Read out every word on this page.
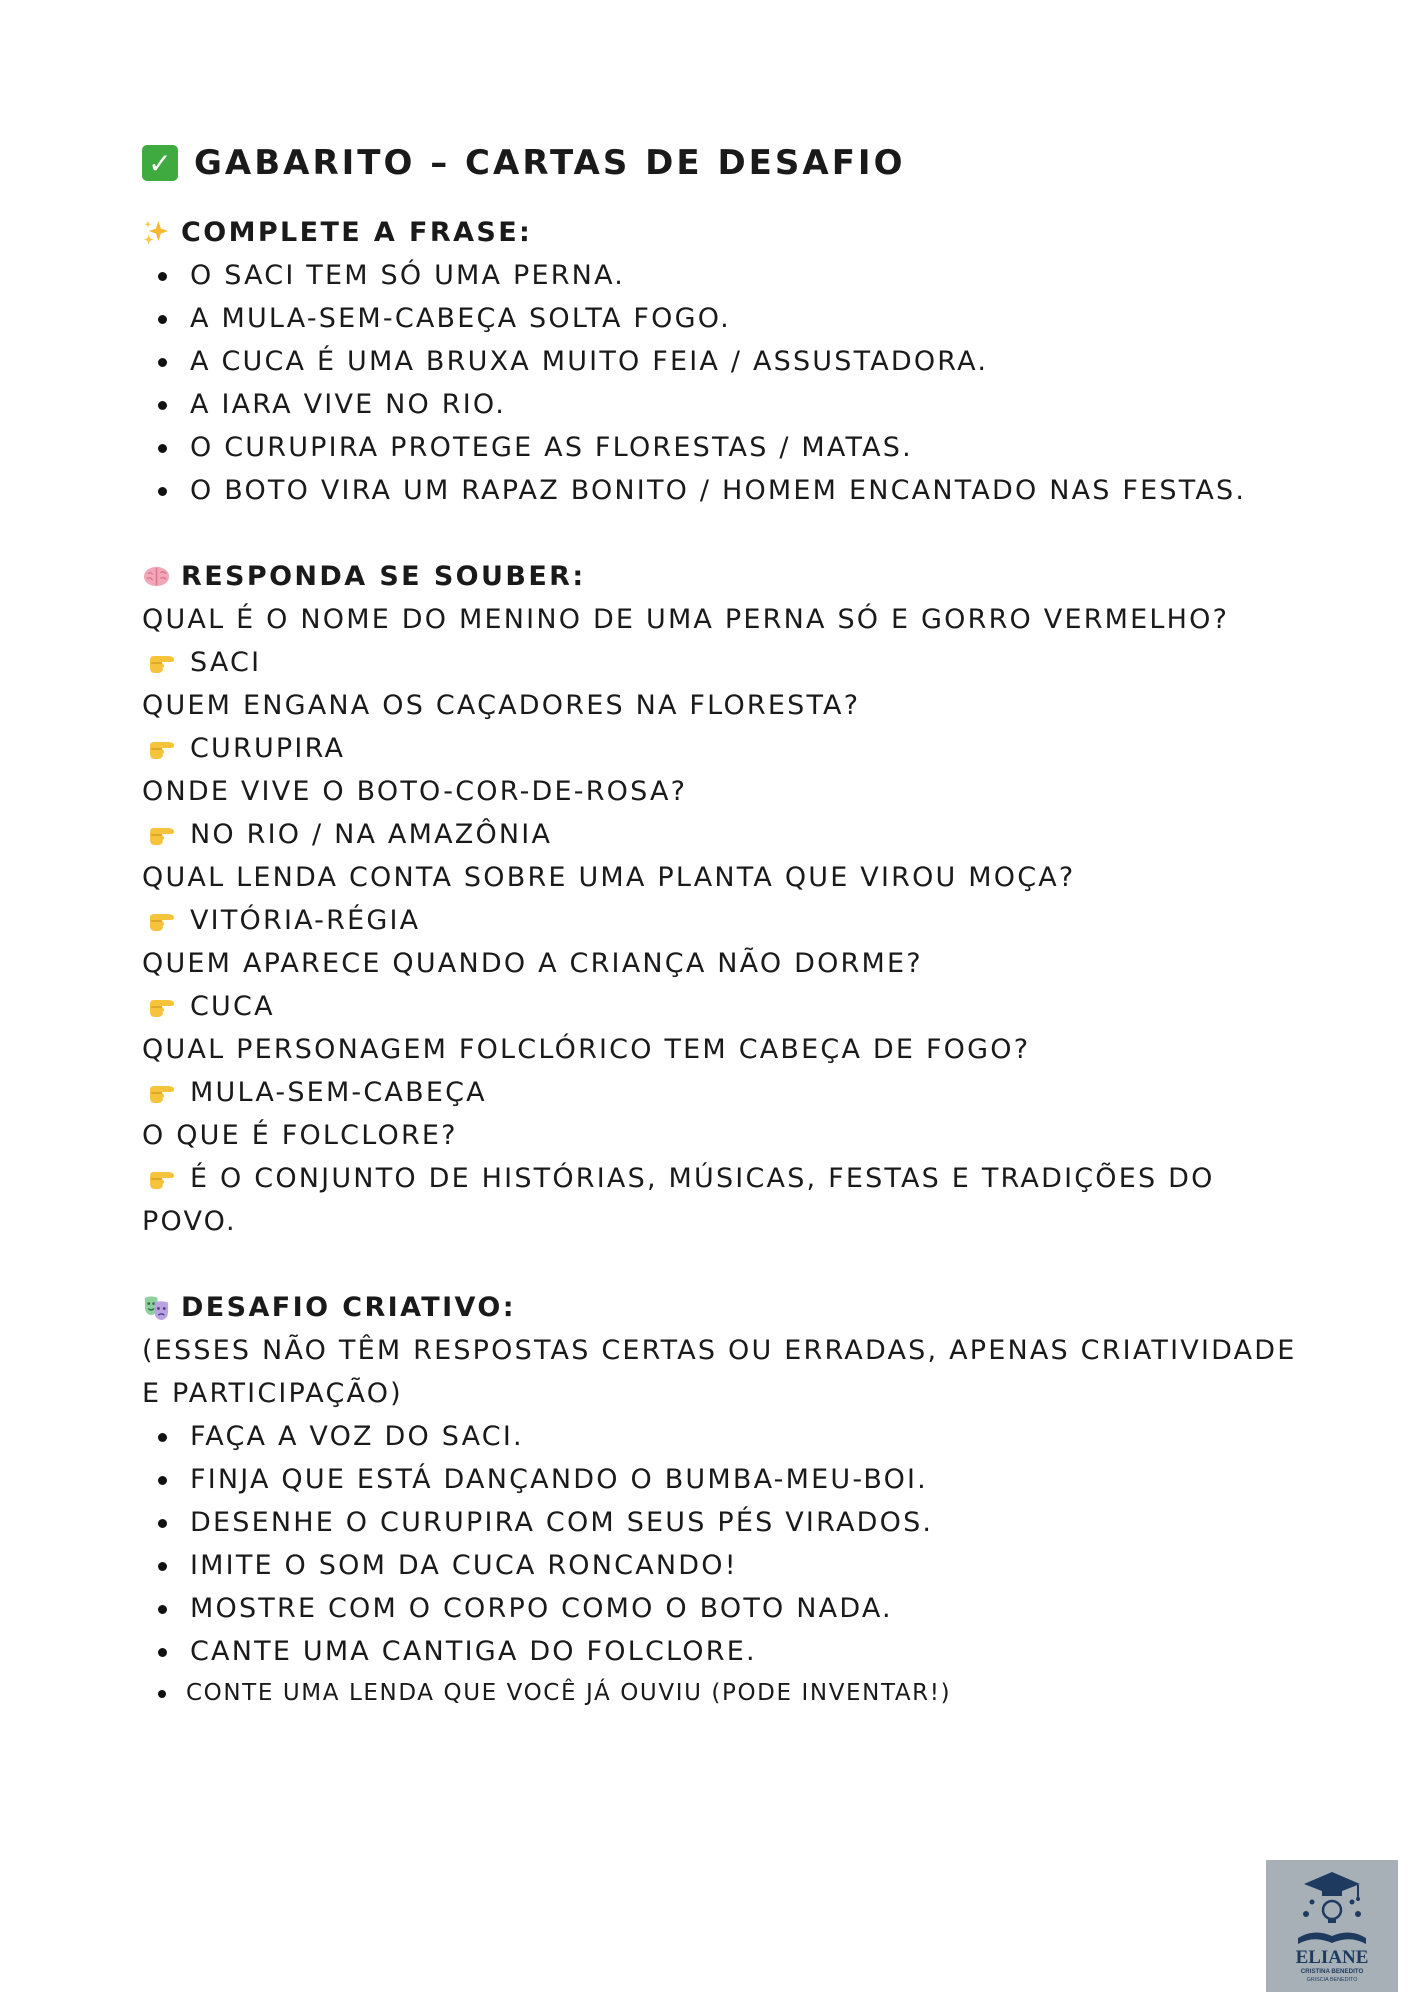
✓ GABARITO – CARTAS DE DESAFIO
COMPLETE A FRASE:
O SACI TEM SÓ UMA PERNA.
A MULA-SEM-CABEÇA SOLTA FOGO.
A CUCA É UMA BRUXA MUITO FEIA / ASSUSTADORA.
A IARA VIVE NO RIO.
O CURUPIRA PROTEGE AS FLORESTAS / MATAS.
O BOTO VIRA UM RAPAZ BONITO / HOMEM ENCANTADO NAS FESTAS.
RESPONDA SE SOUBER:
QUAL É O NOME DO MENINO DE UMA PERNA SÓ E GORRO VERMELHO?
SACI
QUEM ENGANA OS CAÇADORES NA FLORESTA?
CURUPIRA
ONDE VIVE O BOTO-COR-DE-ROSA?
NO RIO / NA AMAZÔNIA
QUAL LENDA CONTA SOBRE UMA PLANTA QUE VIROU MOÇA?
VITÓRIA-RÉGIA
QUEM APARECE QUANDO A CRIANÇA NÃO DORME?
CUCA
QUAL PERSONAGEM FOLCLÓRICO TEM CABEÇA DE FOGO?
MULA-SEM-CABEÇA
O QUE É FOLCLORE?
É O CONJUNTO DE HISTÓRIAS, MÚSICAS, FESTAS E TRADIÇÕES DO
POVO.
DESAFIO CRIATIVO:
(ESSES NÃO TÊM RESPOSTAS CERTAS OU ERRADAS, APENAS CRIATIVIDADE
E PARTICIPAÇÃO)
FAÇA A VOZ DO SACI.
FINJA QUE ESTÁ DANÇANDO O BUMBA-MEU-BOI.
DESENHE O CURUPIRA COM SEUS PÉS VIRADOS.
IMITE O SOM DA CUCA RONCANDO!
MOSTRE COM O CORPO COMO O BOTO NADA.
CANTE UMA CANTIGA DO FOLCLORE.
CONTE UMA LENDA QUE VOCÊ JÁ OUVIU (PODE INVENTAR!)
ELIANE
CRISTINA BENEDITO
GRISCIA BENEDITO
